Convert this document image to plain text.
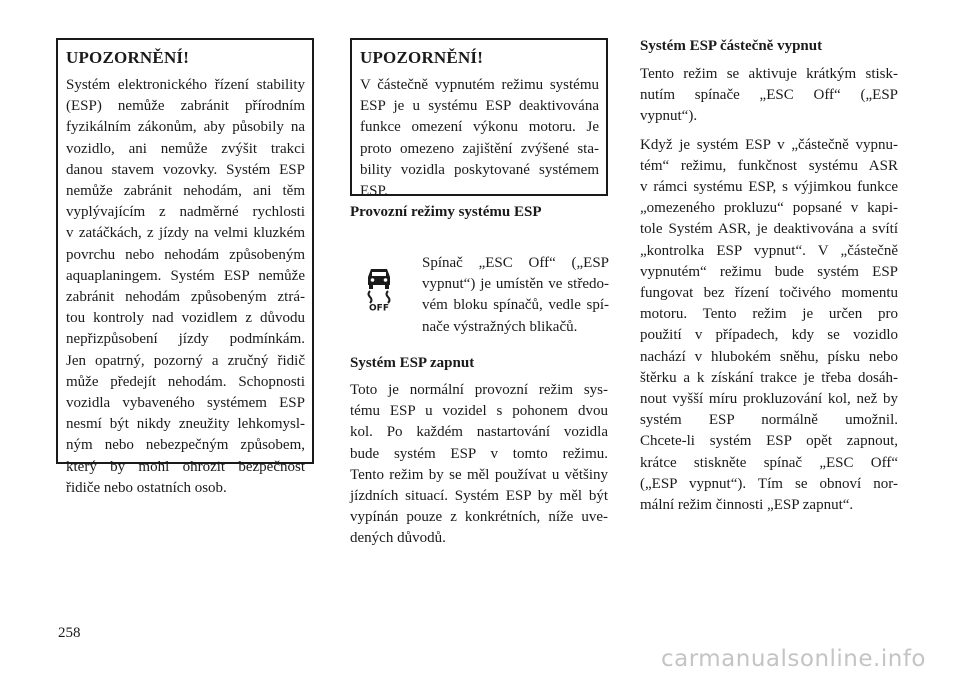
UPOZORNĚNÍ!
Systém elektronického řízení stability
(ESP) nemůže zabránit přírodním
fyzikálním zákonům, aby působily na
vozidlo, ani nemůže zvýšit trakci
danou stavem vozovky. Systém ESP
nemůže zabránit nehodám, ani těm
vyplývajícím z nadměrné rychlosti
v zatáčkách, z jízdy na velmi kluzkém
povrchu nebo nehodám způsobeným
aquaplaningem. Systém ESP nemůže
zabránit nehodám způsobeným ztrá-
tou kontroly nad vozidlem z důvodu
nepřizpůsobení jízdy podmínkám.
Jen opatrný, pozorný a zručný řidič
může předejít nehodám. Schopnosti
vozidla vybaveného systémem ESP
nesmí být nikdy zneužity lehkomysl-
ným nebo nebezpečným způsobem,
který by mohl ohrozit bezpečnost
řidiče nebo ostatních osob.
UPOZORNĚNÍ!
V částečně vypnutém režimu systému
ESP je u systému ESP deaktivována
funkce omezení výkonu motoru. Je
proto omezeno zajištění zvýšené sta-
bility vozidla poskytované systémem
ESP.
Provozní režimy systému ESP
OFF
Spínač „ESC Off“ („ESP
vypnut“) je umístěn ve středo-
vém bloku spínačů, vedle spí-
nače výstražných blikačů.
Systém ESP zapnut
Toto je normální provozní režim sys-
tému ESP u vozidel s pohonem dvou
kol. Po každém nastartování vozidla
bude systém ESP v tomto režimu.
Tento režim by se měl používat u většiny
jízdních situací. Systém ESP by měl být
vypínán pouze z konkrétních, níže uve-
dených důvodů.
Systém ESP částečně vypnut
Tento režim se aktivuje krátkým stisk-
nutím spínače „ESC Off“ („ESP
vypnut“).
Když je systém ESP v „částečně vypnu-
tém“ režimu, funkčnost systému ASR
v rámci systému ESP, s výjimkou funkce
„omezeného prokluzu“ popsané v kapi-
tole Systém ASR, je deaktivována a svítí
„kontrolka ESP vypnut“. V „částečně
vypnutém“ režimu bude systém ESP
fungovat bez řízení točivého momentu
motoru. Tento režim je určen pro
použití v případech, kdy se vozidlo
nachází v hlubokém sněhu, písku nebo
štěrku a k získání trakce je třeba dosáh-
nout vyšší míru prokluzování kol, než by
systém ESP normálně umožnil.
Chcete-li systém ESP opět zapnout,
krátce stiskněte spínač „ESC Off“
(„ESP vypnut“). Tím se obnoví nor-
mální režim činnosti „ESP zapnut“.
258
carmanualsonline.info
